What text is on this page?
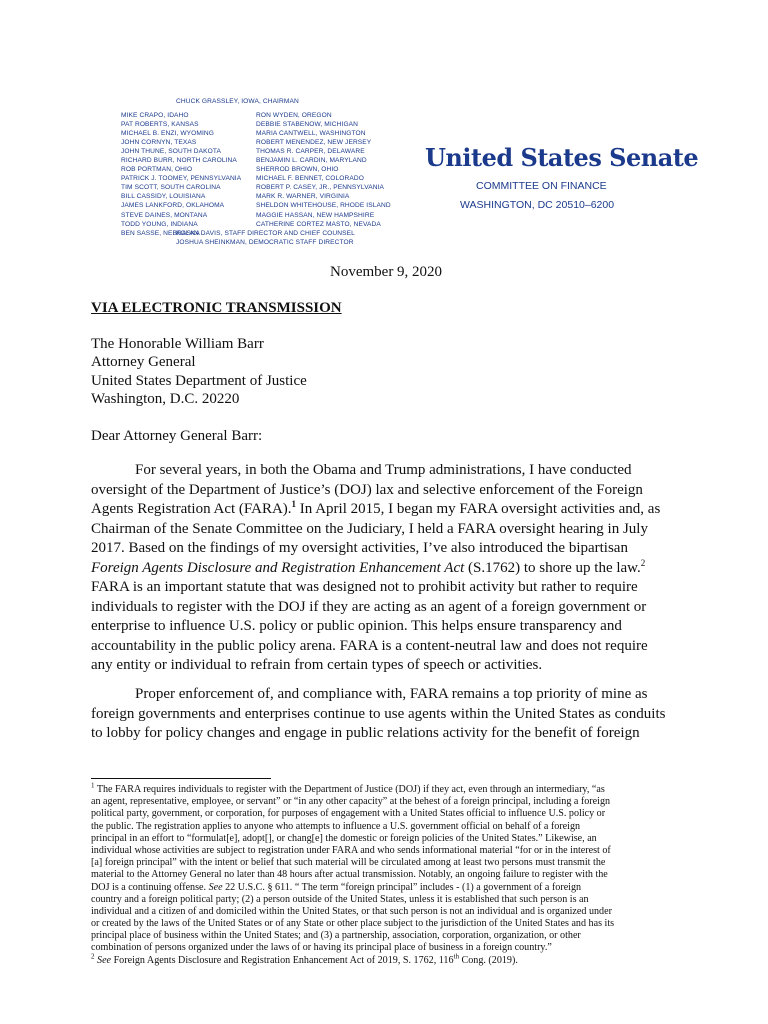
CHUCK GRASSLEY, IOWA, CHAIRMAN
MIKE CRAPO, IDAHO
PAT ROBERTS, KANSAS
MICHAEL B. ENZI, WYOMING
JOHN CORNYN, TEXAS
JOHN THUNE, SOUTH DAKOTA
RICHARD BURR, NORTH CAROLINA
ROB PORTMAN, OHIO
PATRICK J. TOOMEY, PENNSYLVANIA
TIM SCOTT, SOUTH CAROLINA
BILL CASSIDY, LOUISIANA
JAMES LANKFORD, OKLAHOMA
STEVE DAINES, MONTANA
TODD YOUNG, INDIANA
BEN SASSE, NEBRASKA
RON WYDEN, OREGON
DEBBIE STABENOW, MICHIGAN
MARIA CANTWELL, WASHINGTON
ROBERT MENENDEZ, NEW JERSEY
THOMAS R. CARPER, DELAWARE
BENJAMIN L. CARDIN, MARYLAND
SHERROD BROWN, OHIO
MICHAEL F. BENNET, COLORADO
ROBERT P. CASEY, JR., PENNSYLVANIA
MARK R. WARNER, VIRGINIA
SHELDON WHITEHOUSE, RHODE ISLAND
MAGGIE HASSAN, NEW HAMPSHIRE
CATHERINE CORTEZ MASTO, NEVADA
KOLAN DAVIS, STAFF DIRECTOR AND CHIEF COUNSEL
JOSHUA SHEINKMAN, DEMOCRATIC STAFF DIRECTOR
United States Senate
COMMITTEE ON FINANCE
WASHINGTON, DC 20510–6200
November 9, 2020
VIA ELECTRONIC TRANSMISSION
The Honorable William Barr
Attorney General
United States Department of Justice
Washington, D.C. 20220
Dear Attorney General Barr:
For several years, in both the Obama and Trump administrations, I have conducted
oversight of the Department of Justice’s (DOJ) lax and selective enforcement of the Foreign
Agents Registration Act (FARA).$^1$ In April 2015, I began my FARA oversight activities and, as
Chairman of the Senate Committee on the Judiciary, I held a FARA oversight hearing in July
2017. Based on the findings of my oversight activities, I’ve also introduced the bipartisan
Foreign Agents Disclosure and Registration Enhancement Act (S.1762) to shore up the law.$^2$
FARA is an important statute that was designed not to prohibit activity but rather to require
individuals to register with the DOJ if they are acting as an agent of a foreign government or
enterprise to influence U.S. policy or public opinion. This helps ensure transparency and
accountability in the public policy arena. FARA is a content-neutral law and does not require
any entity or individual to refrain from certain types of speech or activities.
Proper enforcement of, and compliance with, FARA remains a top priority of mine as
foreign governments and enterprises continue to use agents within the United States as conduits
to lobby for policy changes and engage in public relations activity for the benefit of foreign
$^1$ The FARA requires individuals to register with the Department of Justice (DOJ) if they act, even through an intermediary, “as
an agent, representative, employee, or servant” or “in any other capacity” at the behest of a foreign principal, including a foreign
political party, government, or corporation, for purposes of engagement with a United States official to influence U.S. policy or
the public. The registration applies to anyone who attempts to influence a U.S. government official on behalf of a foreign
principal in an effort to “formulat[e], adopt[], or chang[e] the domestic or foreign policies of the United States.” Likewise, an
individual whose activities are subject to registration under FARA and who sends informational material “for or in the interest of
[a] foreign principal” with the intent or belief that such material will be circulated among at least two persons must transmit the
material to the Attorney General no later than 48 hours after actual transmission. Notably, an ongoing failure to register with the
DOJ is a continuing offense. See 22 U.S.C. § 611. “ The term “foreign principal” includes - (1) a government of a foreign
country and a foreign political party; (2) a person outside of the United States, unless it is established that such person is an
individual and a citizen of and domiciled within the United States, or that such person is not an individual and is organized under
or created by the laws of the United States or of any State or other place subject to the jurisdiction of the United States and has its
principal place of business within the United States; and (3) a partnership, association, corporation, organization, or other
combination of persons organized under the laws of or having its principal place of business in a foreign country.”
$^2$ See Foreign Agents Disclosure and Registration Enhancement Act of 2019, S. 1762, 116th Cong. (2019).
